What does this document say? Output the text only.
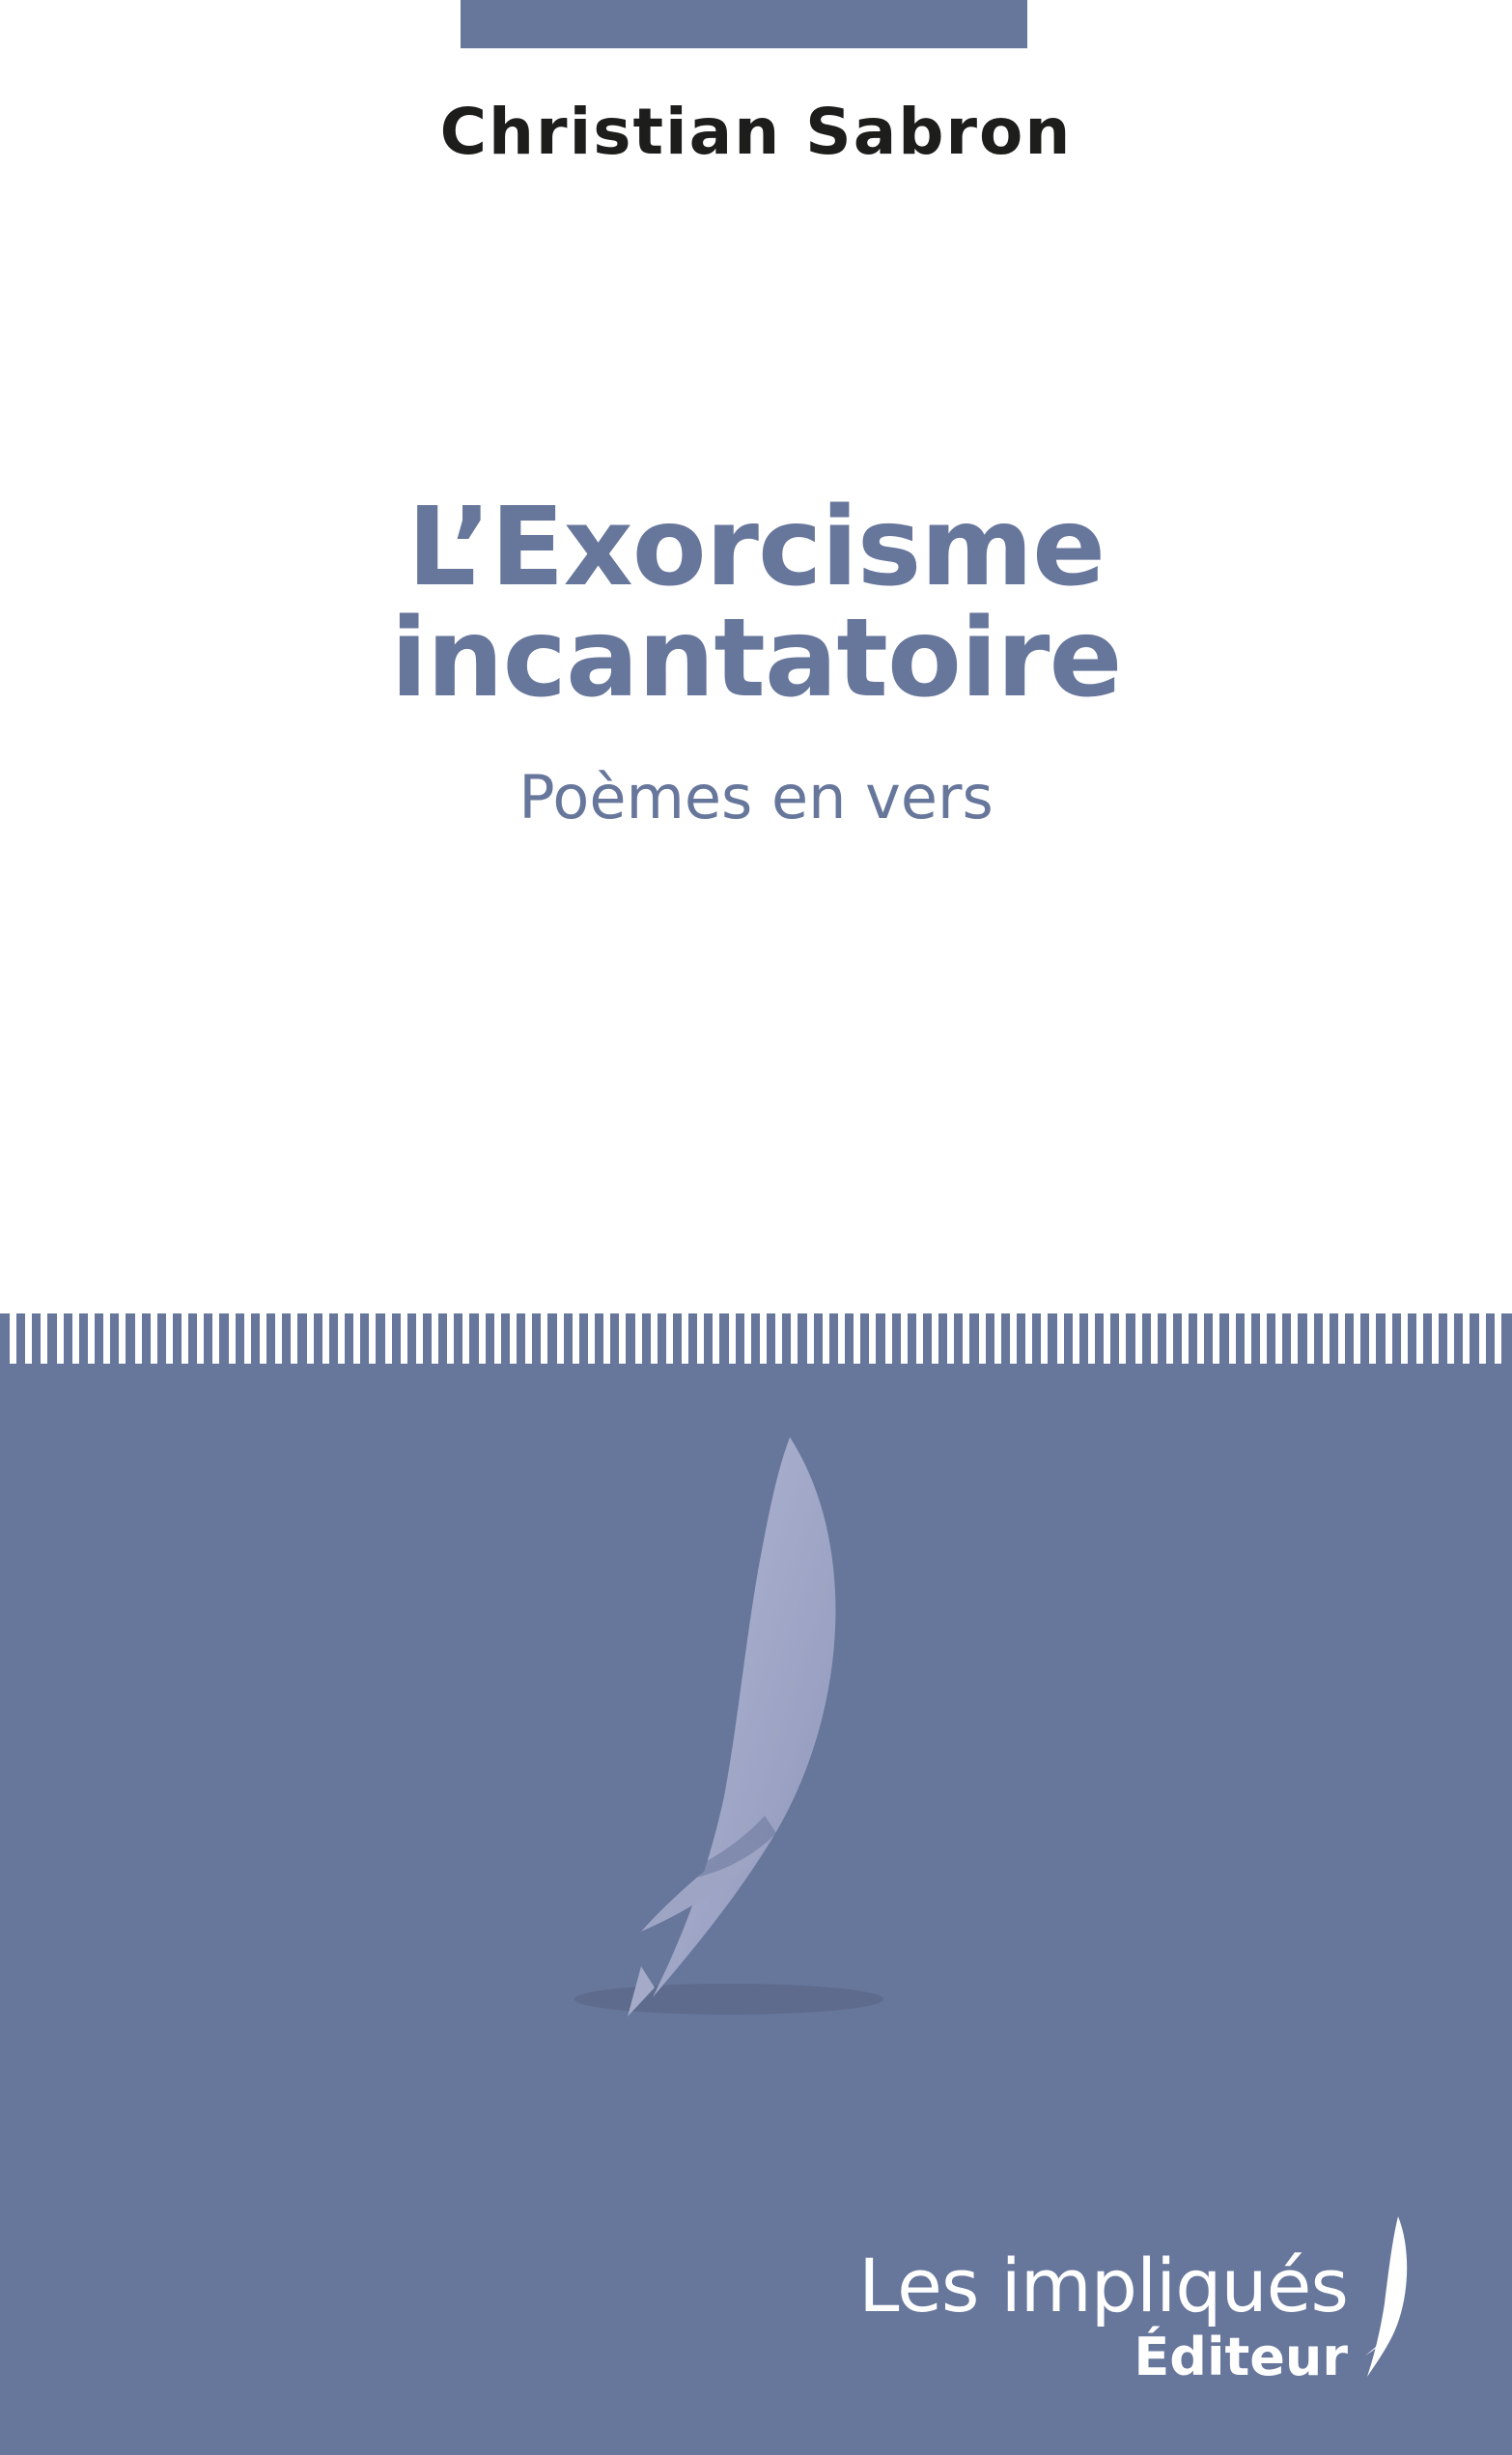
Christian Sabron
L’Exorcisme
incantatoire
Poèmes en vers
Les impliqués
Éditeur
